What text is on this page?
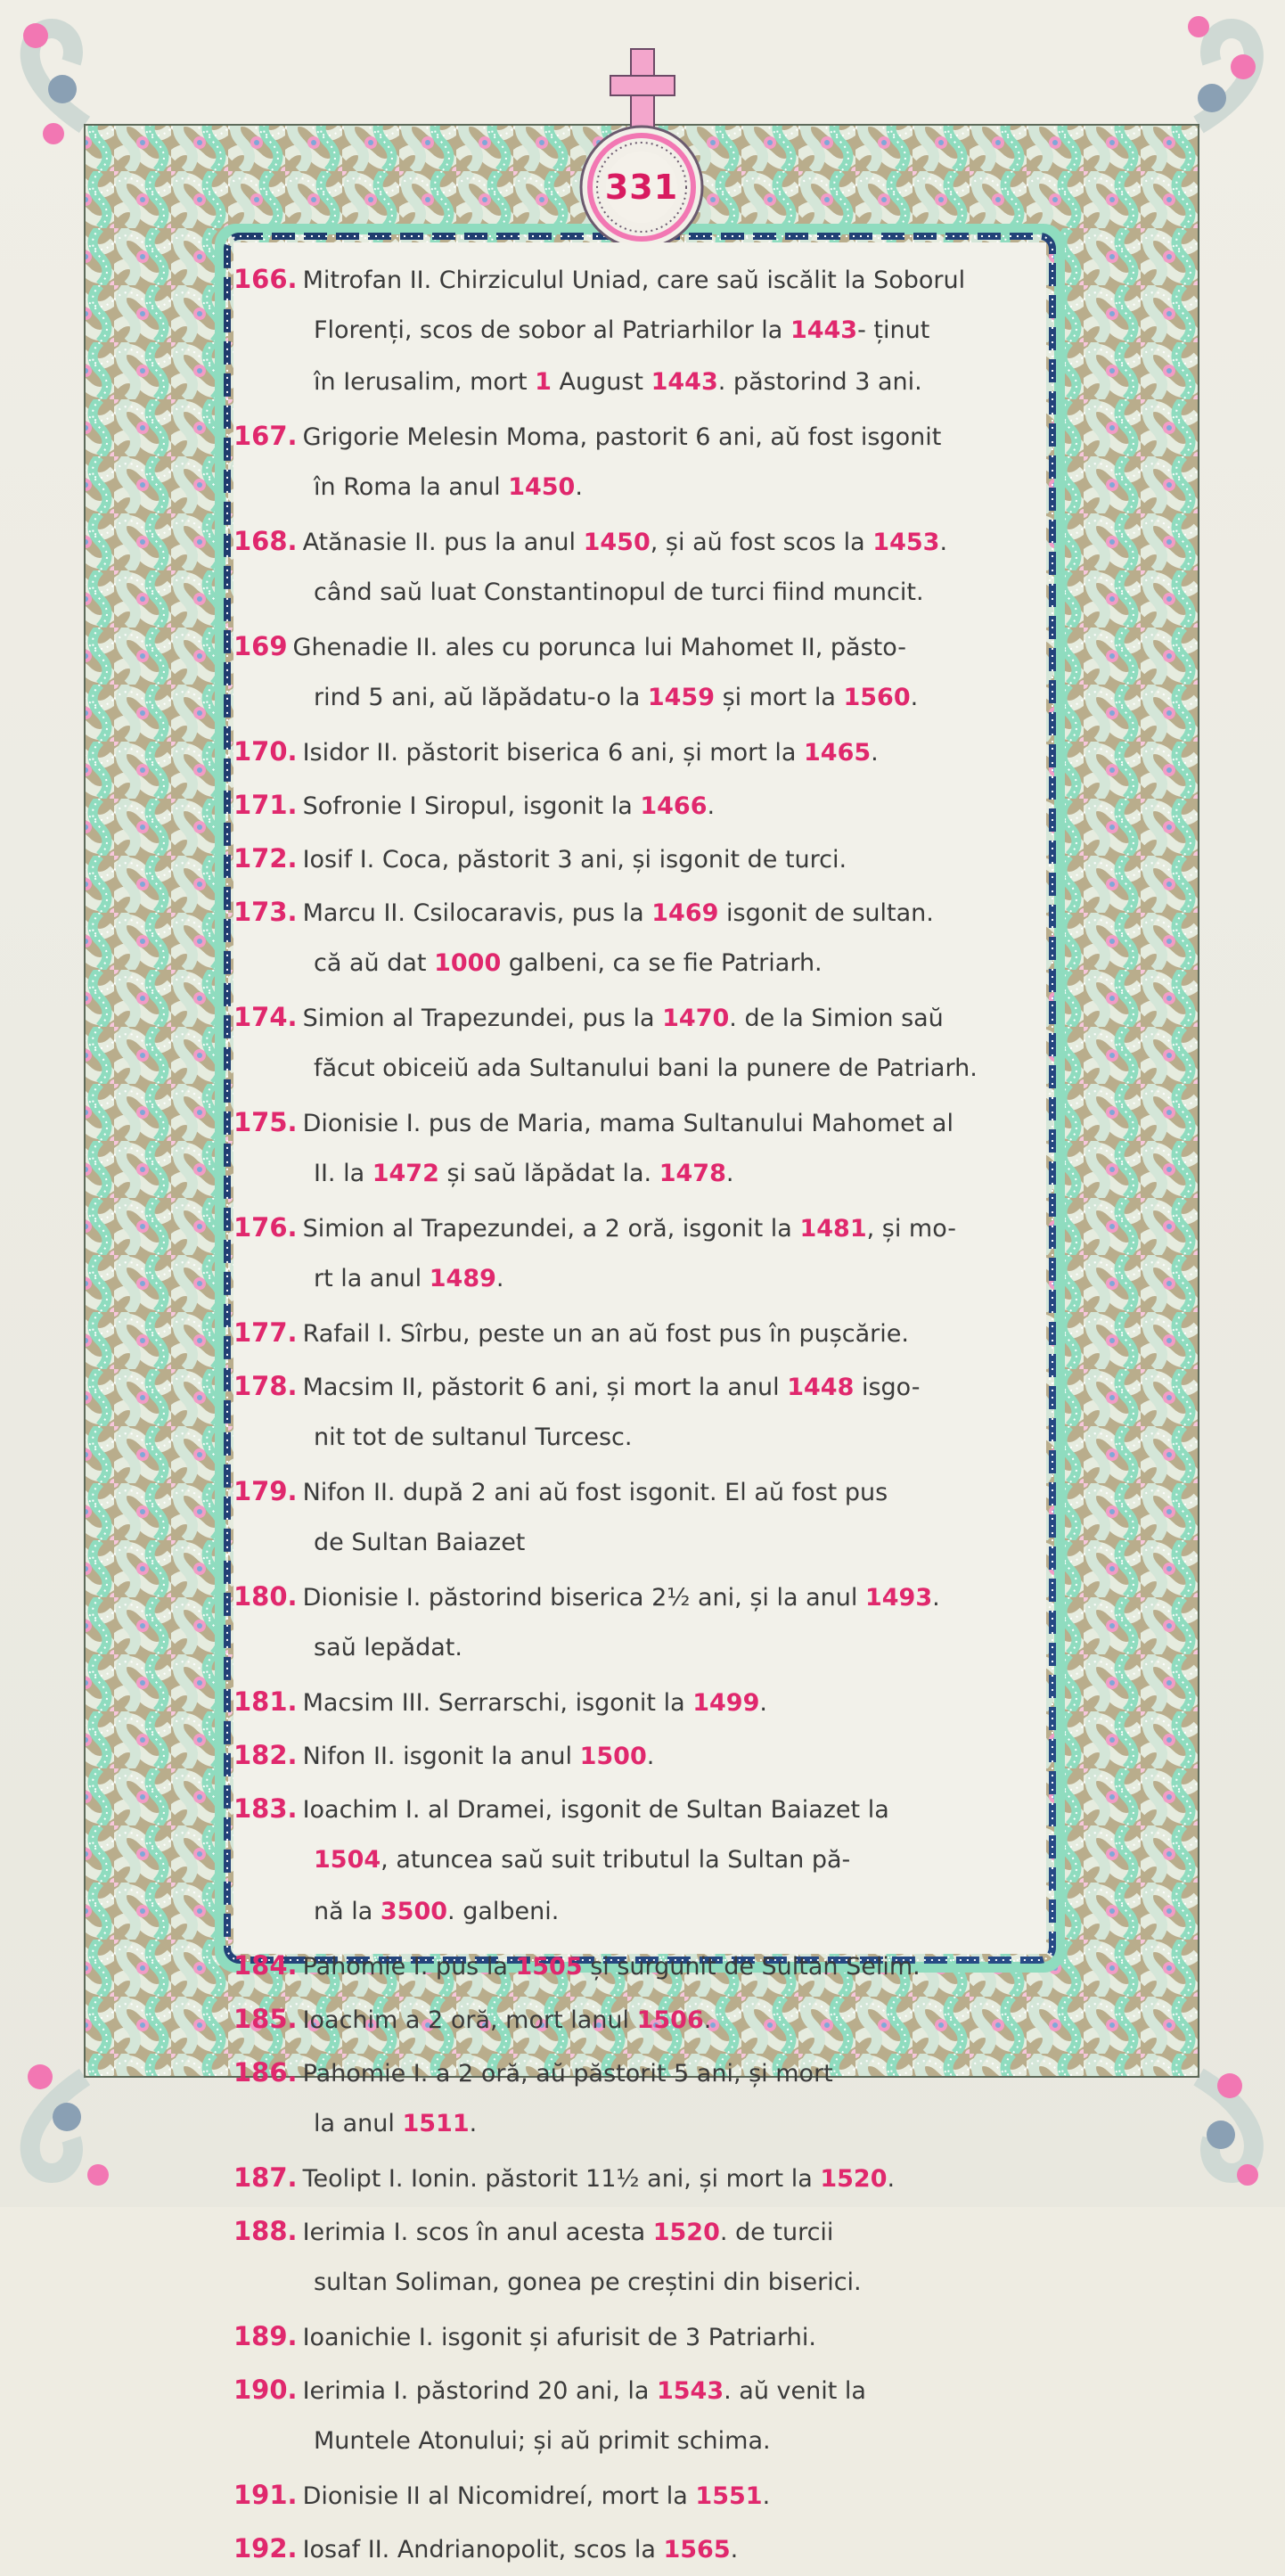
331
166. Mitrofan II. Chirziculul Uniad, care saŭ iscălit la Soborul
Florenți, scos de sobor al Patriarhilor la 1443- ținut
în Ierusalim, mort 1 August 1443. păstorind 3 ani.
167. Grigorie Melesin Moma, pastorit 6 ani, aŭ fost isgonit
în Roma la anul 1450.
168. Atănasie II. pus la anul 1450, și aŭ fost scos la 1453.
când saŭ luat Constantinopul de turci fiind muncit.
169 Ghenadie II. ales cu porunca lui Mahomet II, păsto-
rind 5 ani, aŭ lăpădatu-o la 1459 și mort la 1560.
170. Isidor II. păstorit biserica 6 ani, și mort la 1465.
171. Sofronie I Siropul, isgonit la 1466.
172. Iosif I. Coca, păstorit 3 ani, și isgonit de turci.
173. Marcu II. Csilocaravis, pus la 1469 isgonit de sultan.
că aŭ dat 1000 galbeni, ca se fie Patriarh.
174. Simion al Trapezundei, pus la 1470. de la Simion saŭ
făcut obiceiŭ ada Sultanului bani la punere de Patriarh.
175. Dionisie I. pus de Maria, mama Sultanului Mahomet al
II. la 1472 și saŭ lăpădat la. 1478.
176. Simion al Trapezundei, a 2 oră, isgonit la 1481, și mo-
rt la anul 1489.
177. Rafail I. Sîrbu, peste un an aŭ fost pus în pușcărie.
178. Macsim II, păstorit 6 ani, și mort la anul 1448 isgo-
nit tot de sultanul Turcesc.
179. Nifon II. după 2 ani aŭ fost isgonit. El aŭ fost pus
de Sultan Baiazet
180. Dionisie I. păstorind biserica 2½ ani, și la anul 1493.
saŭ lepădat.
181. Macsim III. Serrarschi, isgonit la 1499.
182. Nifon II. isgonit la anul 1500.
183. Ioachim I. al Dramei, isgonit de Sultan Baiazet la
1504, atuncea saŭ suit tributul la Sultan pă-
nă la 3500. galbeni.
184. Pahomie I. pus la 1505 și surgunit de Sultan Selim.
185. Ioachim a 2 oră, mort lanul 1506.
186. Pahomie I. a 2 oră, aŭ păstorit 5 ani, și mort
la anul 1511.
187. Teolipt I. Ionin. păstorit 11½ ani, și mort la 1520.
188. Ierimia I. scos în anul acesta 1520. de turcii
sultan Soliman, gonea pe creștini din biserici.
189. Ioanichie I. isgonit și afurisit de 3 Patriarhi.
190. Ierimia I. păstorind 20 ani, la 1543. aŭ venit la
Muntele Atonului; și aŭ primit schima.
191. Dionisie II al Nicomidreí, mort la 1551.
192. Iosaf II. Andrianopolit, scos la 1565.
